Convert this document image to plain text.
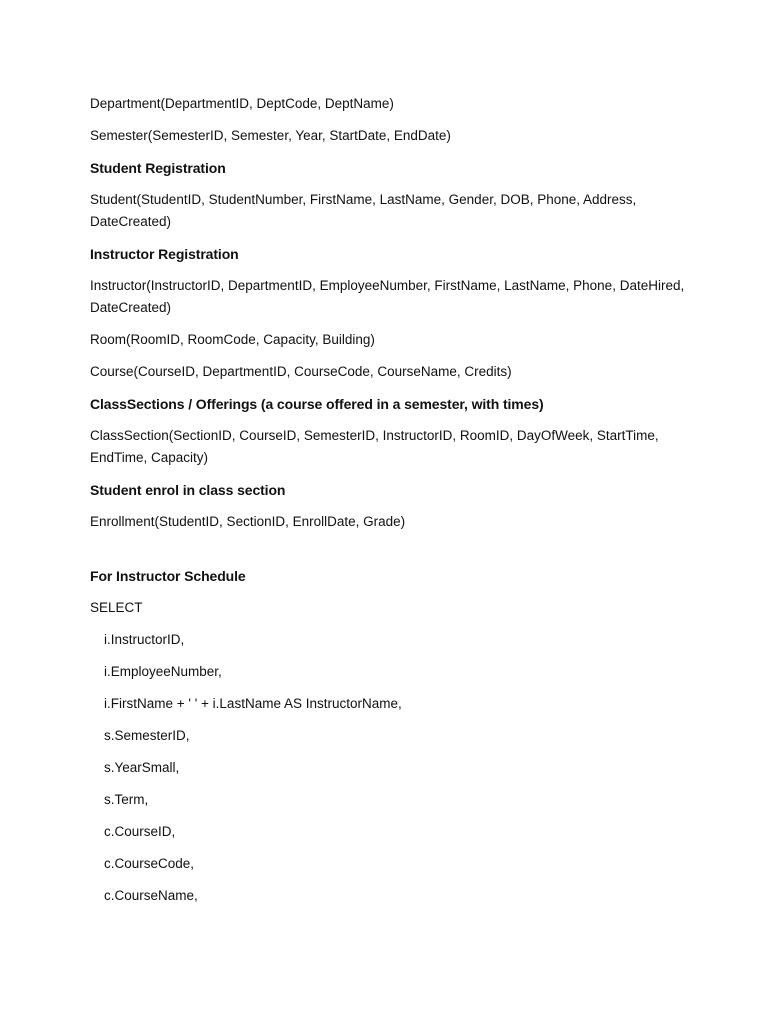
Department(DepartmentID, DeptCode, DeptName)

Semester(SemesterID, Semester, Year, StartDate, EndDate)

Student Registration

Student(StudentID, StudentNumber, FirstName, LastName, Gender, DOB, Phone, Address, DateCreated)

Instructor Registration

Instructor(InstructorID, DepartmentID, EmployeeNumber, FirstName, LastName, Phone, DateHired, DateCreated)

Room(RoomID, RoomCode, Capacity, Building)

Course(CourseID, DepartmentID, CourseCode, CourseName, Credits)

ClassSections / Offerings (a course offered in a semester, with times)

ClassSection(SectionID, CourseID, SemesterID, InstructorID, RoomID, DayOfWeek, StartTime, EndTime, Capacity)

Student enrol in class section

Enrollment(StudentID, SectionID, EnrollDate, Grade)

For Instructor Schedule

SELECT

i.InstructorID,

i.EmployeeNumber,

i.FirstName + ' ' + i.LastName AS InstructorName,

s.SemesterID,

s.YearSmall,

s.Term,

c.CourseID,

c.CourseCode,

c.CourseName,
